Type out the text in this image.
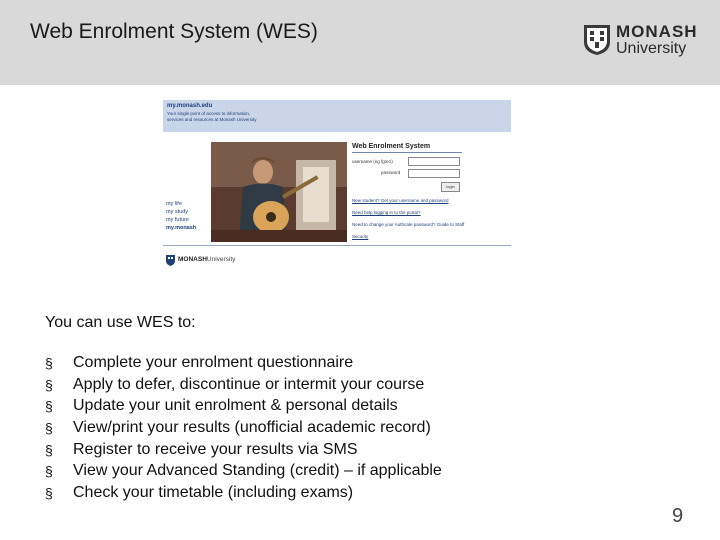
Web Enrolment System (WES)	MONASH
University
my.monash.edu
Your single point of access to information, services and resources at Monash University
my life
my study
my future
my.monash
Web Enrolment System
username (eg fgre1)
password
login
New student? Get your username and password
Need help logging in to the portal?
Need to change your Authcate password? Guide to Staff
Security
MONASHUniversity
You can use WES to:
§ Complete your enrolment questionnaire
§ Apply to defer, discontinue or intermit your course
§ Update your unit enrolment & personal details
§ View/print your results (unofficial academic record)
§ Register to receive your results via SMS
§ View your Advanced Standing (credit) – if applicable
§ Check your timetable (including exams)
9
